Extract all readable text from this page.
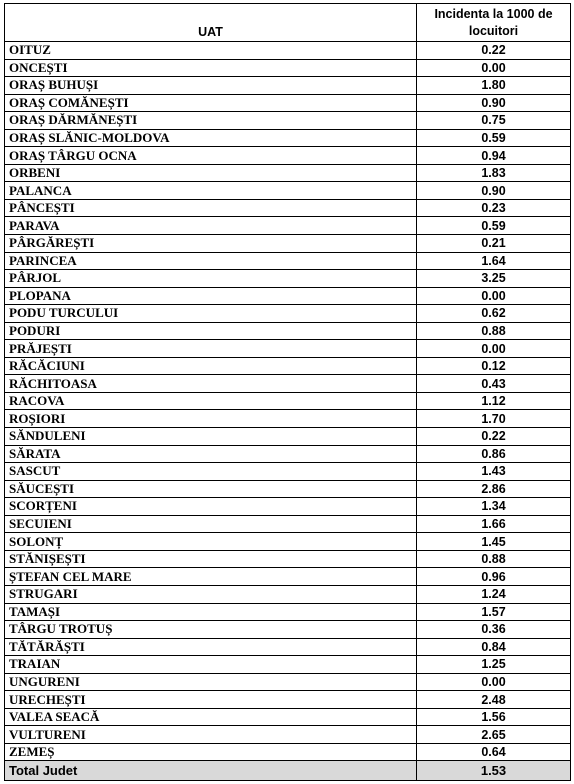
UAT	Incidenta la 1000 de
locuitori
OITUZ	0.22
ONCEȘTI	0.00
ORAȘ BUHUȘI	1.80
ORAȘ COMĂNEȘTI	0.90
ORAȘ DĂRMĂNEȘTI	0.75
ORAȘ SLĂNIC-MOLDOVA	0.59
ORAȘ TÂRGU OCNA	0.94
ORBENI	1.83
PALANCA	0.90
PÂNCEȘTI	0.23
PARAVA	0.59
PÂRGĂREȘTI	0.21
PARINCEA	1.64
PÂRJOL	3.25
PLOPANA	0.00
PODU TURCULUI	0.62
PODURI	0.88
PRĂJEȘTI	0.00
RĂCĂCIUNI	0.12
RĂCHITOASA	0.43
RACOVA	1.12
ROȘIORI	1.70
SĂNDULENI	0.22
SĂRATA	0.86
SASCUT	1.43
SĂUCEȘTI	2.86
SCORȚENI	1.34
SECUIENI	1.66
SOLONȚ	1.45
STĂNIȘEȘTI	0.88
ȘTEFAN CEL MARE	0.96
STRUGARI	1.24
TAMAȘI	1.57
TÂRGU TROTUȘ	0.36
TĂTĂRĂȘTI	0.84
TRAIAN	1.25
UNGURENI	0.00
URECHEȘTI	2.48
VALEA SEACĂ	1.56
VULTURENI	2.65
ZEMEȘ	0.64
Total Judet	1.53
